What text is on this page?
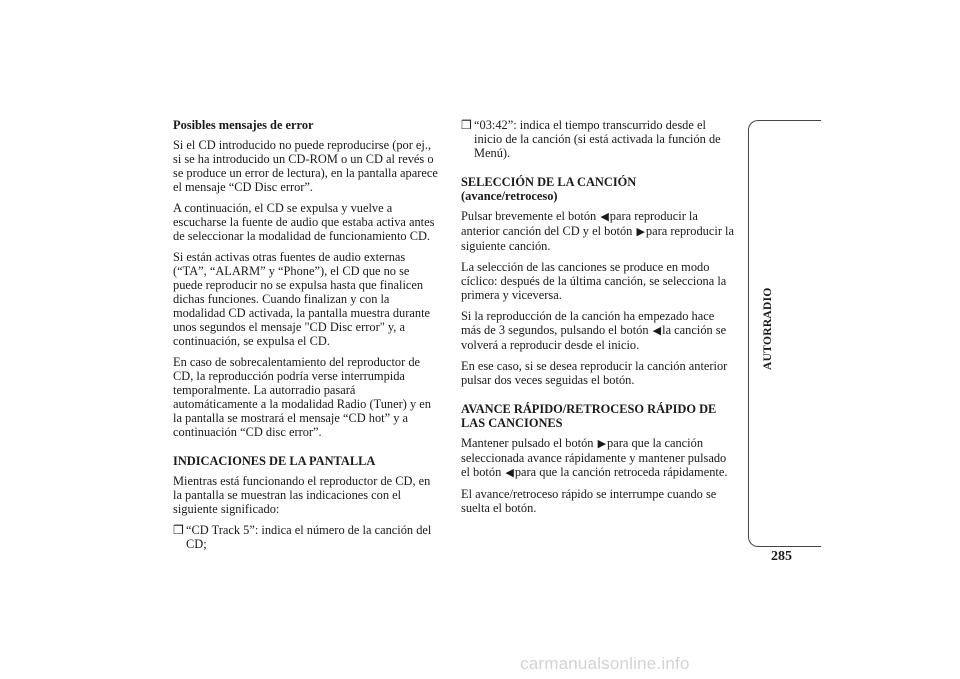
Posibles mensajes de error

Si el CD introducido no puede reproducirse (por ej., si se ha introducido un CD-ROM o un CD al revés o se produce un error de lectura), en la pantalla aparece el mensaje “CD Disc error”.

A continuación, el CD se expulsa y vuelve a escucharse la fuente de audio que estaba activa antes de seleccionar la modalidad de funcionamiento CD.

Si están activas otras fuentes de audio externas (“TA”, “ALARM” y “Phone”), el CD que no se puede reproducir no se expulsa hasta que finalicen dichas funciones. Cuando finalizan y con la modalidad CD activada, la pantalla muestra durante unos segundos el mensaje "CD Disc error" y, a continuación, se expulsa el CD.

En caso de sobrecalentamiento del reproductor de CD, la reproducción podría verse interrumpida temporalmente. La autorradio pasará automáticamente a la modalidad Radio (Tuner) y en la pantalla se mostrará el mensaje “CD hot” y a continuación “CD disc error”.

INDICACIONES DE LA PANTALLA

Mientras está funcionando el reproductor de CD, en la pantalla se muestran las indicaciones con el siguiente significado:

❒ “CD Track 5”: indica el número de la canción del CD;
❒ “03:42”: indica el tiempo transcurrido desde el inicio de la canción (si está activada la función de Menú).
SELECCIÓN DE LA CANCIÓN
(avance/retroceso)

Pulsar brevemente el botón ◀para reproducir la anterior canción del CD y el botón ▶para reproducir la siguiente canción.

La selección de las canciones se produce en modo cíclico: después de la última canción, se selecciona la primera y viceversa.

Si la reproducción de la canción ha empezado hace más de 3 segundos, pulsando el botón ◀la canción se volverá a reproducir desde el inicio.

En ese caso, si se desea reproducir la canción anterior pulsar dos veces seguidas el botón.

AVANCE RÁPIDO/RETROCESO RÁPIDO DE LAS CANCIONES

Mantener pulsado el botón ▶para que la canción seleccionada avance rápidamente y mantener pulsado el botón ◀para que la canción retroceda rápidamente.

El avance/retroceso rápido se interrumpe cuando se suelta el botón.

AUTORRADIO
285
carmanualsonline.info
